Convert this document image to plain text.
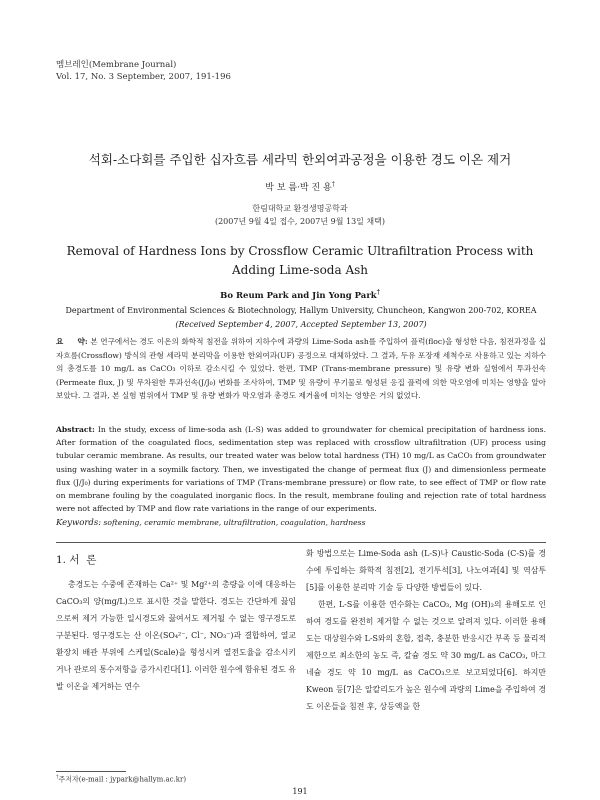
멤브레인(Membrane Journal)
Vol. 17, No. 3 September, 2007, 191-196
석회-소다회를 주입한 십자흐름 세라믹 한외여과공정을 이용한 경도 이온 제거
박 보 름·박 진 용†
한림대학교 환경생명공학과
(2007년 9월 4일 접수, 2007년 9월 13일 채택)
Removal of Hardness Ions by Crossflow Ceramic Ultrafiltration Process with Adding Lime-soda Ash
Bo Reum Park and Jin Yong Park†
Department of Environmental Sciences & Biotechnology, Hallym University, Chuncheon, Kangwon 200-702, KOREA
(Received September 4, 2007, Accepted September 13, 2007)
요     약: 본 연구에서는 경도 이온의 화학적 침전을 위하여 지하수에 과량의 Lime-Soda ash를 주입하여 플럭(floc)을 형성한 다음, 침전과정을 십자흐름(Crossflow) 방식의 관형 세라믹 분리막을 이용한 한외여과(UF) 공정으로 대체하였다. 그 결과, 두유 포장재 세척수로 사용하고 있는 지하수의 총경도를 10 mg/L as CaCO₃ 이하로 감소시킬 수 있었다. 한편, TMP (Trans-membrane pressure) 및 유량 변화 실험에서 투과선속(Permeate flux, J) 및 무차원한 투과선속(J/J₀) 변화를 조사하여, TMP 및 유량이 무기물로 형성된 응집 플럭에 의한 막오염에 미치는 영향을 알아보았다. 그 결과, 본 실험 범위에서 TMP 및 유량 변화가 막오염과 총경도 제거율에 미치는 영향은 거의 없었다.
Abstract: In the study, excess of lime-soda ash (L-S) was added to groundwater for chemical precipitation of hardness ions. After formation of the coagulated flocs, sedimentation step was replaced with crossflow ultrafiltration (UF) process using tubular ceramic membrane. As results, our treated water was below total hardness (TH) 10 mg/L as CaCO₃ from groundwater using washing water in a soymilk factory. Then, we investigated the change of permeat flux (J) and dimensionless permeate flux (J/J₀) during experiments for variations of TMP (Trans-membrane pressure) or flow rate, to see effect of TMP or flow rate on membrane fouling by the coagulated inorganic flocs. In the result, membrane fouling and rejection rate of total hardness were not affected by TMP and flow rate variations in the range of our experiments.
Keywords: softening, ceramic membrane, ultrafiltration, coagulation, hardness
1. 서  론

총경도는 수중에 존재하는 Ca²⁺ 및 Mg²⁺의 총량을 이에 대응하는 CaCO₃의 양(mg/L)으로 표시한 것을 말한다. 경도는 간단하게 끓임으로써 제거 가능한 일시경도와 끓여서도 제거될 수 없는 영구경도로 구분된다. 영구경도는 산 이온(SO₄²⁻, Cl⁻, NO₃⁻)과 결합하여, 열교환장치 배관 부위에 스케일(Scale)을 형성시켜 열전도율을 감소시키거나 관로의 통수저항을 증가시킨다[1]. 이러한 원수에 함유된 경도 유발 이온을 제거하는 연수

화 방법으로는 Lime-Soda ash (L-S)나 Caustic-Soda (C-S)를 경수에 투입하는 화학적 침전[2], 전기투석[3], 나노여과[4] 및 역삼투[5]를 이용한 분리막 기술 등 다양한 방법들이 있다.

한편, L-S를 이용한 연수화는 CaCO₃, Mg (OH)₂의 용해도로 인하여 경도를 완전히 제거할 수 없는 것으로 알려져 있다. 이러한 용해도는 대상원수와 L-S와의 혼합, 접촉, 충분한 반응시간 부족 등 물리적 제한으로 최소한의 농도 즉, 칼슘 경도 약 30 mg/L as CaCO₃, 마그네슘 경도 약 10 mg/L as CaCO₃으로 보고되었다[6]. 하지만 Kweon 등[7]은 알칼리도가 높은 원수에 과량의 Lime을 주입하여 경도 이온들을 침전 후, 상등액을 한

†주저자(e-mail : jypark@hallym.ac.kr)
191
